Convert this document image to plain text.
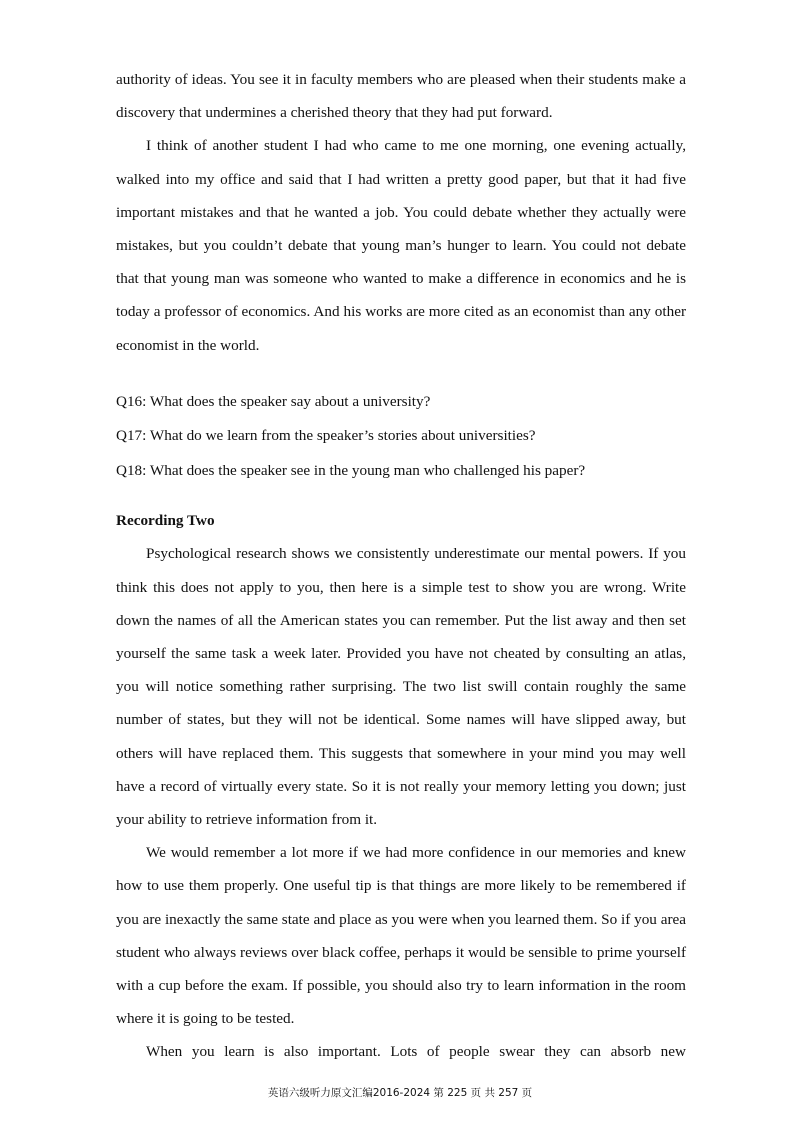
authority of ideas. You see it in faculty members who are pleased when their students make a discovery that undermines a cherished theory that they had put forward.

I think of another student I had who came to me one morning, one evening actually, walked into my office and said that I had written a pretty good paper, but that it had five important mistakes and that he wanted a job. You could debate whether they actually were mistakes, but you couldn’t debate that young man’s hunger to learn. You could not debate that that young man was someone who wanted to make a difference in economics and he is today a professor of economics. And his works are more cited as an economist than any other economist in the world.

Q16: What does the speaker say about a university?

Q17: What do we learn from the speaker’s stories about universities?

Q18: What does the speaker see in the young man who challenged his paper?

Recording Two

Psychological research shows we consistently underestimate our mental powers. If you think this does not apply to you, then here is a simple test to show you are wrong. Write down the names of all the American states you can remember. Put the list away and then set yourself the same task a week later. Provided you have not cheated by consulting an atlas, you will notice something rather surprising. The two list swill contain roughly the same number of states, but they will not be identical. Some names will have slipped away, but others will have replaced them. This suggests that somewhere in your mind you may well have a record of virtually every state. So it is not really your memory letting you down; just your ability to retrieve information from it.

We would remember a lot more if we had more confidence in our memories and knew how to use them properly. One useful tip is that things are more likely to be remembered if you are inexactly the same state and place as you were when you learned them. So if you area student who always reviews over black coffee, perhaps it would be sensible to prime yourself with a cup before the exam. If possible, you should also try to learn information in the room where it is going to be tested.

When you learn is also important. Lots of people swear they can absorb new

英语六级听力原文汇编2016-2024 第 225 页 共 257 页
